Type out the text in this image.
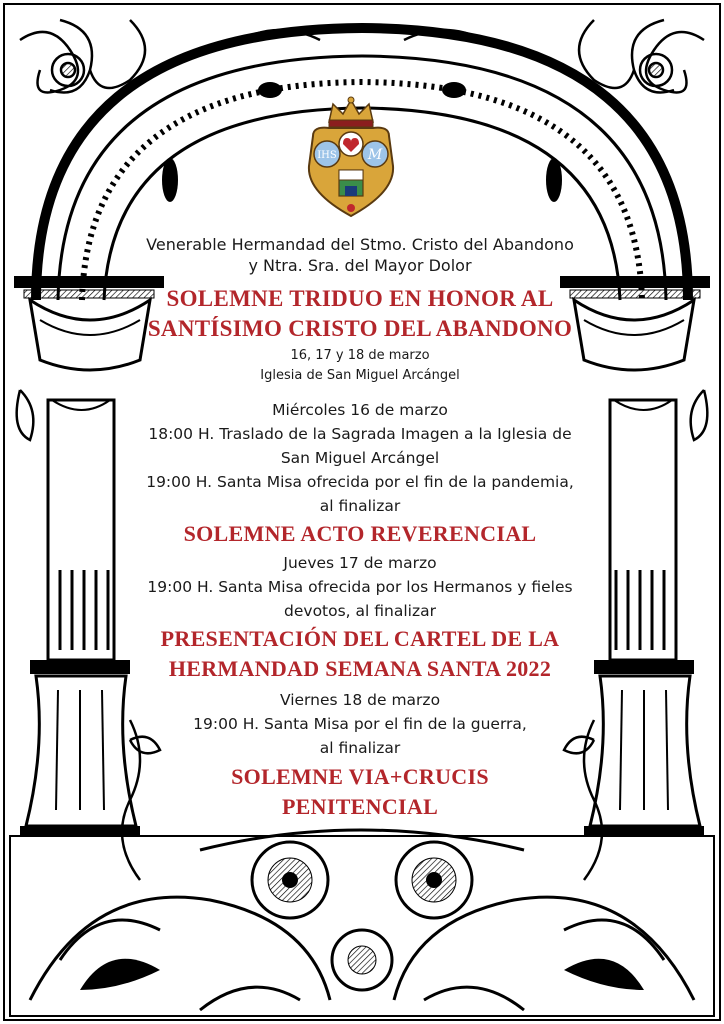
IHS M
Venerable Hermandad del Stmo. Cristo del Abandono
y Ntra. Sra. del Mayor Dolor
SOLEMNE TRIDUO EN HONOR AL
SANTÍSIMO CRISTO DEL ABANDONO
16, 17 y 18 de marzo
Iglesia de San Miguel Arcángel
Miércoles 16 de marzo
18:00 H. Traslado de la Sagrada Imagen a la Iglesia de
San Miguel Arcángel
19:00 H. Santa Misa ofrecida por el fin de la pandemia,
al finalizar
SOLEMNE ACTO REVERENCIAL
Jueves 17 de marzo
19:00 H. Santa Misa ofrecida por los Hermanos y fieles
devotos, al finalizar
PRESENTACIÓN DEL CARTEL DE LA
HERMANDAD SEMANA SANTA 2022
Viernes 18 de marzo
19:00 H. Santa Misa por el fin de la guerra,
al finalizar
SOLEMNE VIA+CRUCIS
PENITENCIAL
